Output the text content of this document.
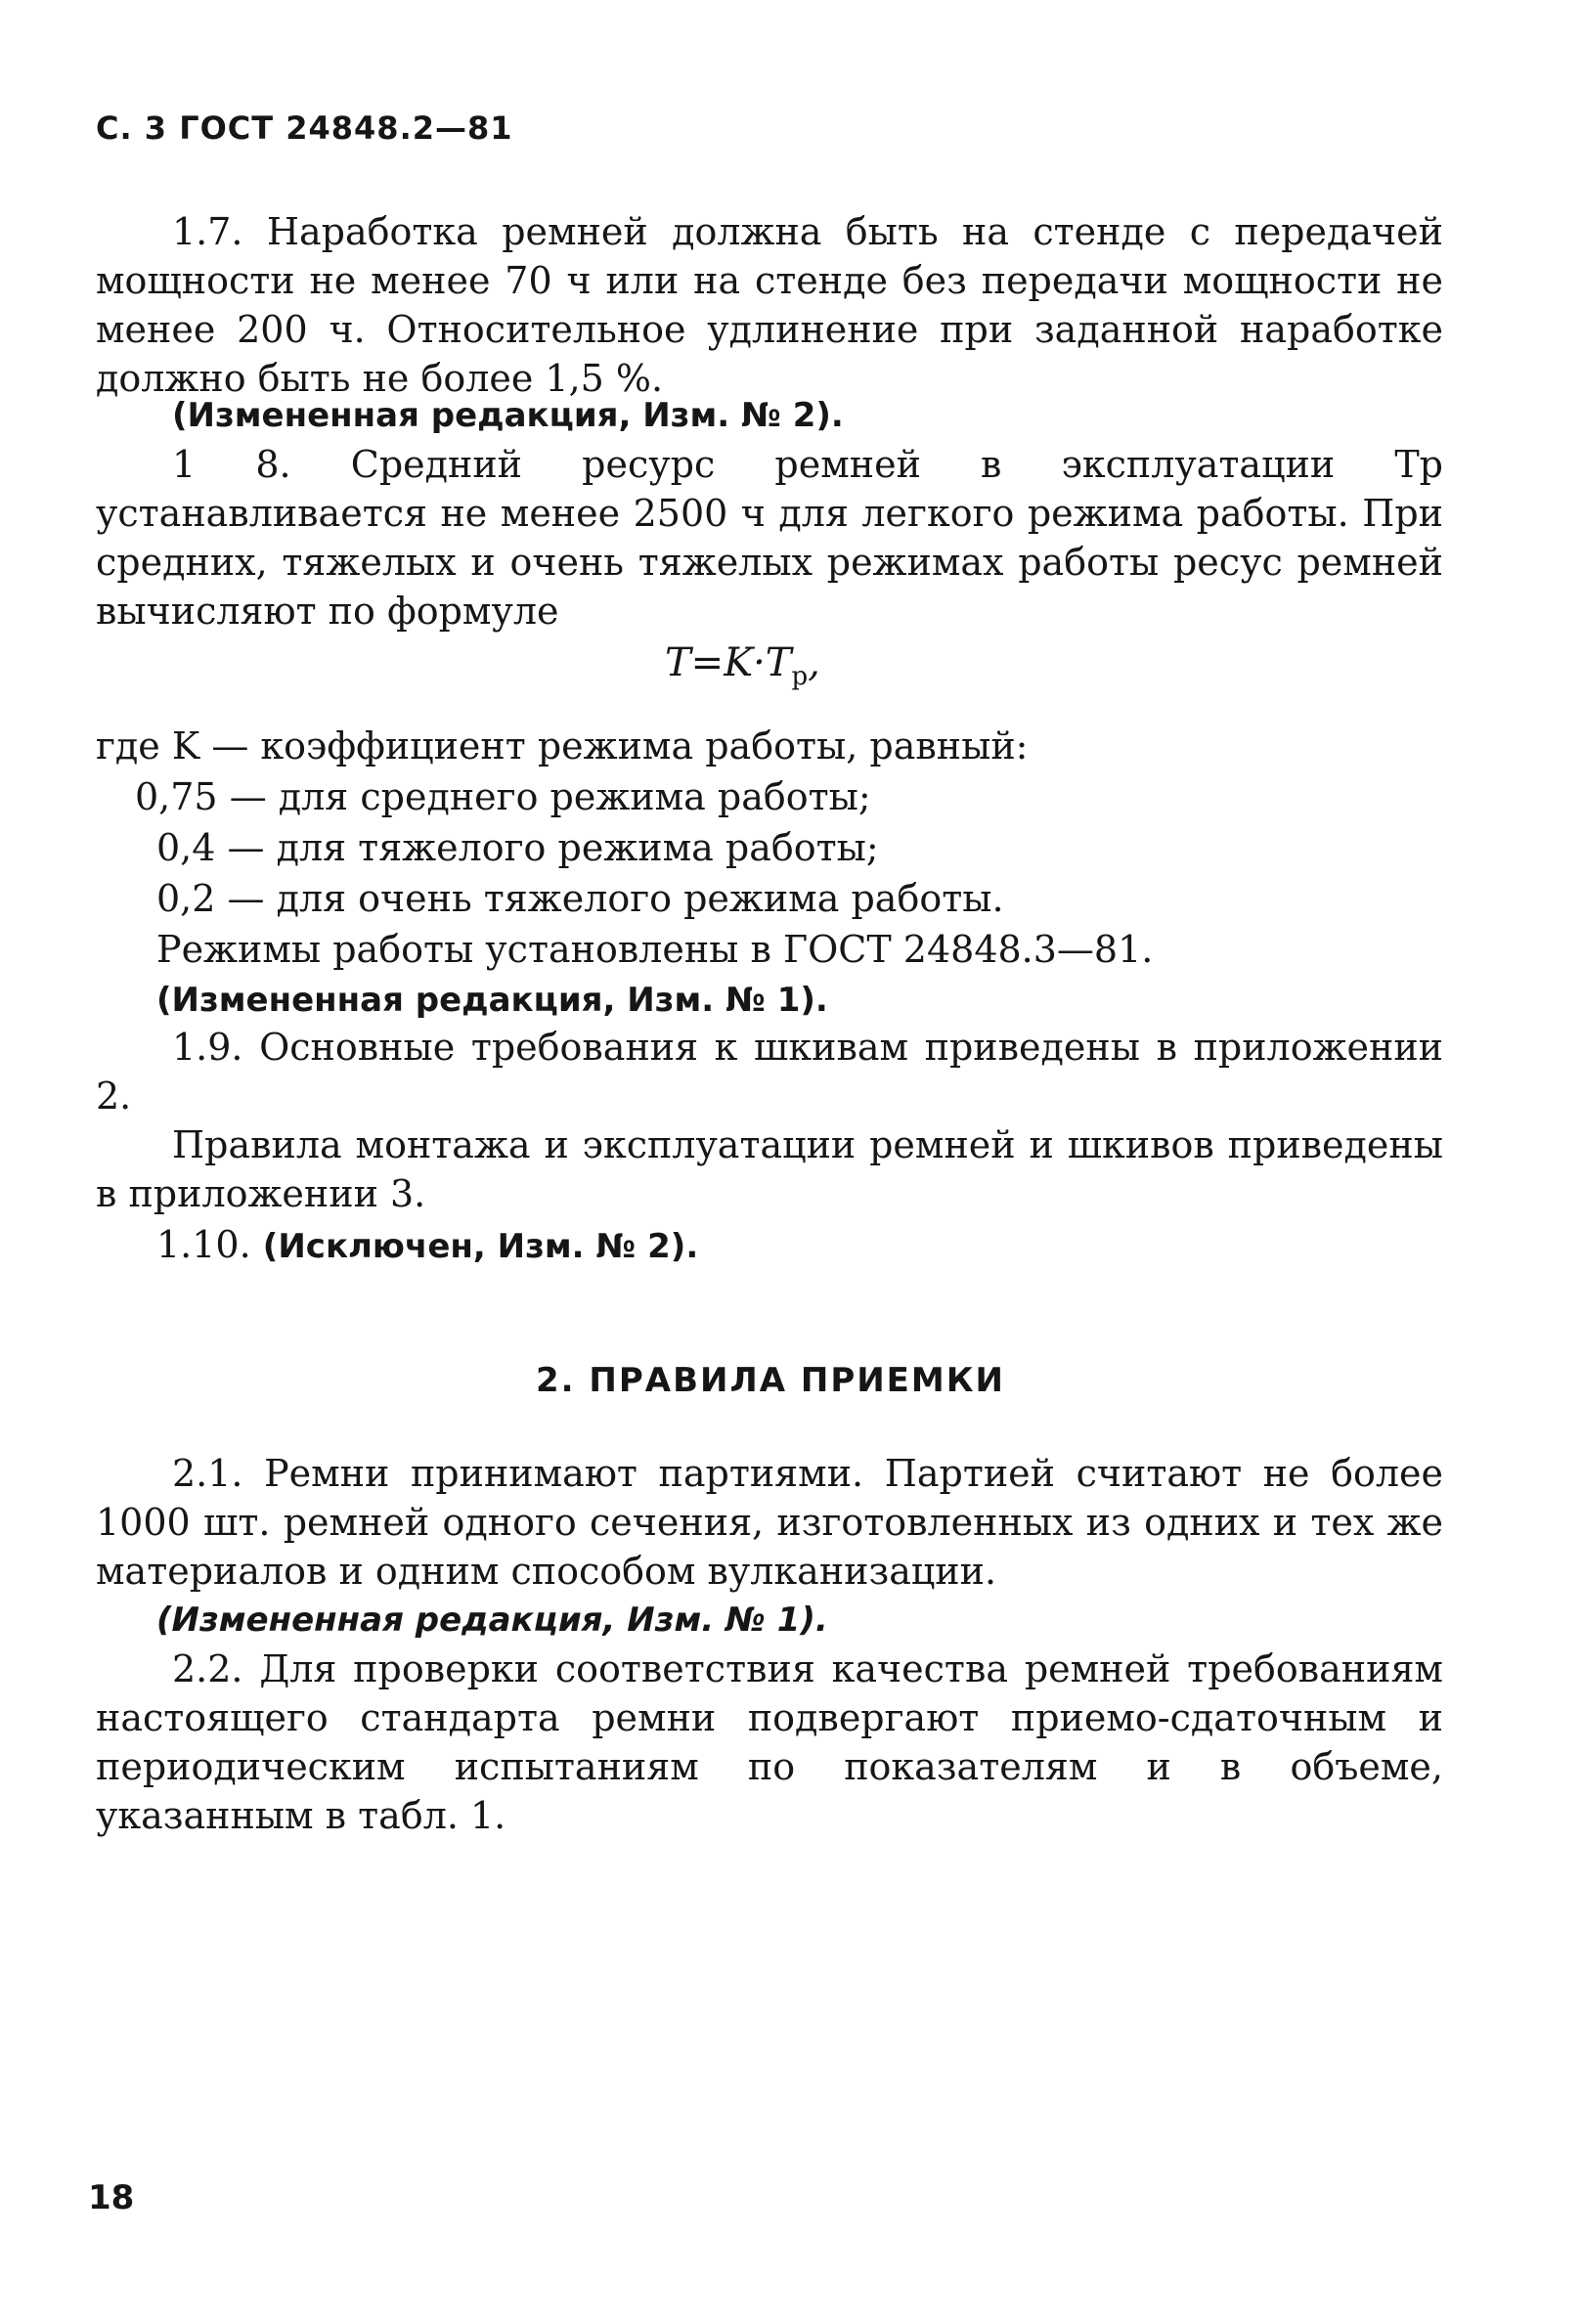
С. 3 ГОСТ 24848.2—81

1.7. Наработка ремней должна быть на стенде с передачей мощности не менее 70 ч или на стенде без передачи мощности не менее 200 ч. Относительное удлинение при заданной наработке должно быть не более 1,5 %.

(Измененная редакция, Изм. № 2).

1 8. Средний ресурс ремней в эксплуатации Tр устанавливается не менее 2500 ч для легкого режима работы. При средних, тяжелых и очень тяжелых режимах работы ресус ремней вычисляют по формуле

$T=K\cdot T_р$,
где K — коэффициент режима работы, равный:
0,75 — для среднего режима работы;
0,4 — для тяжелого режима работы;
0,2 — для очень тяжелого режима работы.
Режимы работы установлены в ГОСТ 24848.3—81.
(Измененная редакция, Изм. № 1).

1.9. Основные требования к шкивам приведены в приложении 2.

Правила монтажа и эксплуатации ремней и шкивов приведены в приложении 3.

1.10. (Исключен, Изм. № 2).
2. ПРАВИЛА ПРИЕМКИ

2.1. Ремни принимают партиями. Партией считают не более 1000 шт. ремней одного сечения, изготовленных из одних и тех же материалов и одним способом вулканизации.

(Измененная редакция, Изм. № 1).

2.2. Для проверки соответствия качества ремней требованиям настоящего стандарта ремни подвергают приемо-сдаточным и периодическим испытаниям по показателям и в объеме, указанным в табл. 1.

18
